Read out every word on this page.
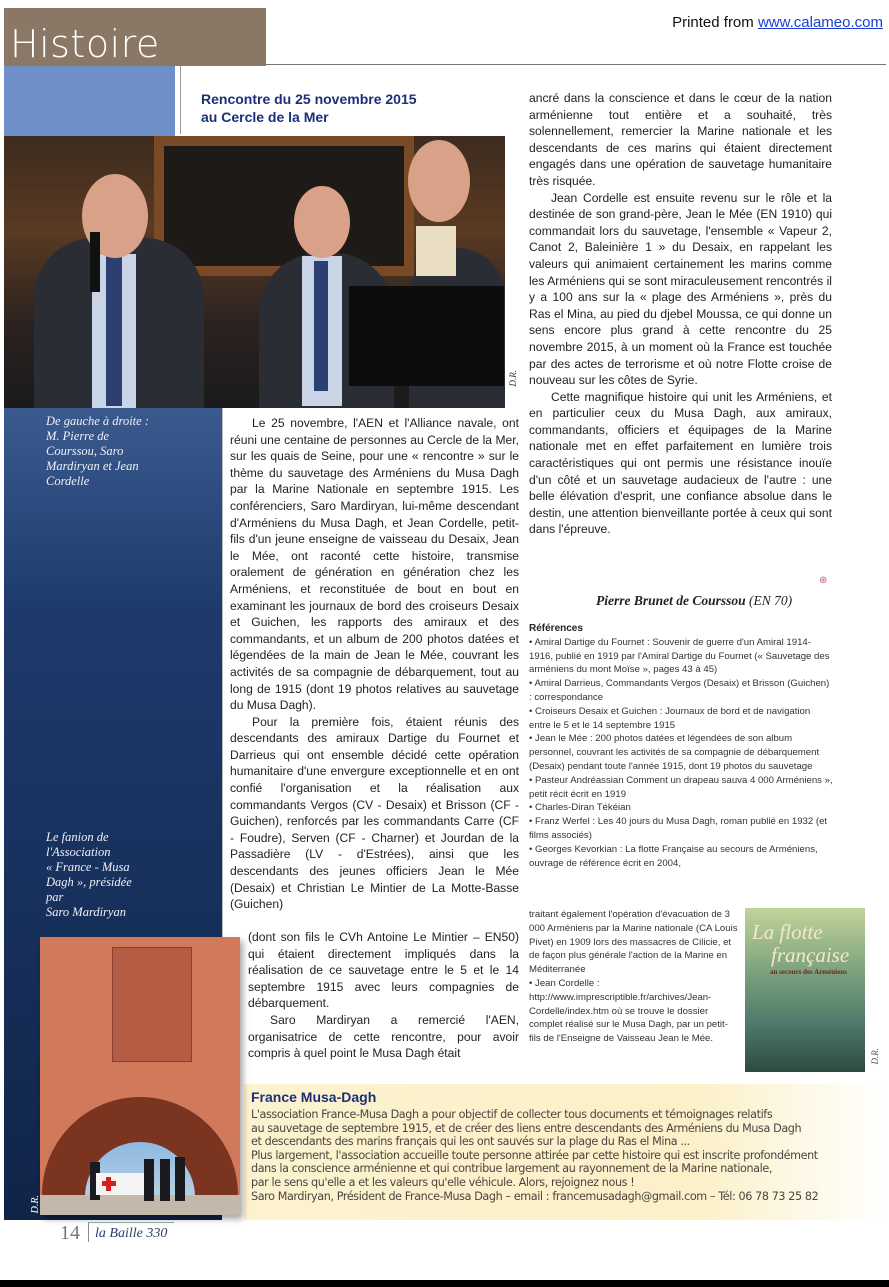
Printed from www.calameo.com
Histoire
Rencontre du 25 novembre 2015
au Cercle de la Mer
D.R.
De gauche à droite :
M. Pierre de
Courssou, Saro
Mardiryan et Jean
Cordelle
Le fanion de
l'Association
« France - Musa
Dagh », présidée
par
Saro Mardiryan

Le 25 novembre, l'AEN et l'Alliance navale, ont réuni une centaine de personnes au Cercle de la Mer, sur les quais de Seine, pour une « rencontre » sur le thème du sauvetage des Arméniens du Musa Dagh par la Marine Nationale en septembre 1915. Les conférenciers, Saro Mardiryan, lui-même descendant d'Arméniens du Musa Dagh, et Jean Cordelle, petit-fils d'un jeune enseigne de vaisseau du Desaix, Jean le Mée, ont raconté cette histoire, transmise oralement de génération en génération chez les Arméniens, et reconstituée de bout en bout en examinant les journaux de bord des croiseurs Desaix et Guichen, les rapports des amiraux et des commandants, et un album de 200 photos datées et légendées de la main de Jean le Mée, couvrant les activités de sa compagnie de débarquement, tout au long de 1915 (dont 19 photos relatives au sauvetage du Musa Dagh).

Pour la première fois, étaient réunis des descendants des amiraux Dartige du Fournet et Darrieus qui ont ensemble décidé cette opération humanitaire d'une envergure exceptionnelle et en ont confié l'organisation et la réalisation aux commandants Vergos (CV - Desaix) et Brisson (CF - Guichen), renforcés par les commandants Carre (CF - Foudre), Serven (CF - Charner) et Jourdan de la Passadière (LV - d'Estrées), ainsi que les descendants des jeunes officiers Jean le Mée (Desaix) et Christian Le Mintier de La Motte-Basse (Guichen)

(dont son fils le CVh Antoine Le Mintier – EN50) qui étaient directement impliqués dans la réalisation de ce sauvetage entre le 5 et le 14 septembre 1915 avec leurs compagnies de débarquement.

Saro Mardiryan a remercié l'AEN, organisatrice de cette rencontre, pour avoir compris à quel point le Musa Dagh était

ancré dans la conscience et dans le cœur de la nation arménienne tout entière et a souhaité, très solennellement, remercier la Marine nationale et les descendants de ces marins qui étaient directement engagés dans une opération de sauvetage humanitaire très risquée.

Jean Cordelle est ensuite revenu sur le rôle et la destinée de son grand-père, Jean le Mée (EN 1910) qui commandait lors du sauvetage, l'ensemble « Vapeur 2, Canot 2, Baleinière 1 » du Desaix, en rappelant les valeurs qui animaient certainement les marins comme les Arméniens qui se sont miraculeusement rencontrés il y a 100 ans sur la « plage des Arméniens », près du Ras el Mina, au pied du djebel Moussa, ce qui donne un sens encore plus grand à cette rencontre du 25 novembre 2015, à un moment où la France est touchée par des actes de terrorisme et où notre Flotte croise de nouveau sur les côtes de Syrie.

Cette magnifique histoire qui unit les Arméniens, et en particulier ceux du Musa Dagh, aux amiraux, commandants, officiers et équipages de la Marine nationale met en effet parfaitement en lumière trois caractéristiques qui ont permis une résistance inouïe d'un côté et un sauvetage audacieux de l'autre : une belle élévation d'esprit, une confiance absolue dans le destin, une attention bienveillante portée à ceux qui sont dans l'épreuve.

⊛
Pierre Brunet de Courssou (EN 70)
Références
• Amiral Dartige du Fournet : Souvenir de guerre d'un Amiral 1914-1916, publié en 1919 par l'Amiral Dartige du Fournet (« Sauvetage des arméniens du mont Moïse », pages 43 à 45)
• Amiral Darrieus, Commandants Vergos (Desaix) et Brisson (Guichen) : correspondance
• Croiseurs Desaix et Guichen : Journaux de bord et de navigation entre le 5 et le 14 septembre 1915
• Jean le Mée : 200 photos datées et légendées de son album personnel, couvrant les activités de sa compagnie de débarquement (Desaix) pendant toute l'année 1915, dont 19 photos du sauvetage
• Pasteur Andréassian Comment un drapeau sauva 4 000 Arméniens », petit récit écrit en 1919
• Charles-Diran Tékéian
• Franz Werfel : Les 40 jours du Musa Dagh, roman publié en 1932 (et films associés)
• Georges Kevorkian : La flotte Française au secours de Arméniens, ouvrage de référence écrit en 2004,
traitant également l'opération d'évacuation de 3 000 Arméniens par la Marine nationale (CA Louis Pivet) en 1909 lors des massacres de Cilicie, et de façon plus générale l'action de la Marine en Méditerranée
• Jean Cordelle : http://www.imprescriptible.fr/archives/Jean-Cordelle/index.htm où se trouve le dossier complet réalisé sur le Musa Dagh, par un petit-fils de l'Enseigne de Vaisseau Jean le Mée.
La flotte
française
au secours des Arméniens
D.R.
France Musa-Dagh
L'association France-Musa Dagh a pour objectif de collecter tous documents et témoignages relatifs
au sauvetage de septembre 1915, et de créer des liens entre descendants des Arméniens du Musa Dagh
et descendants des marins français qui les ont sauvés sur la plage du Ras el Mina ...
Plus largement, l'association accueille toute personne attirée par cette histoire qui est inscrite profondément
dans la conscience arménienne et qui contribue largement au rayonnement de la Marine nationale,
par le sens qu'elle a et les valeurs qu'elle véhicule. Alors, rejoignez nous !
Saro Mardiryan, Président de France-Musa Dagh – email : francemusadagh@gmail.com – Tél: 06 78 73 25 82
D.R.
14 la Baille 330
